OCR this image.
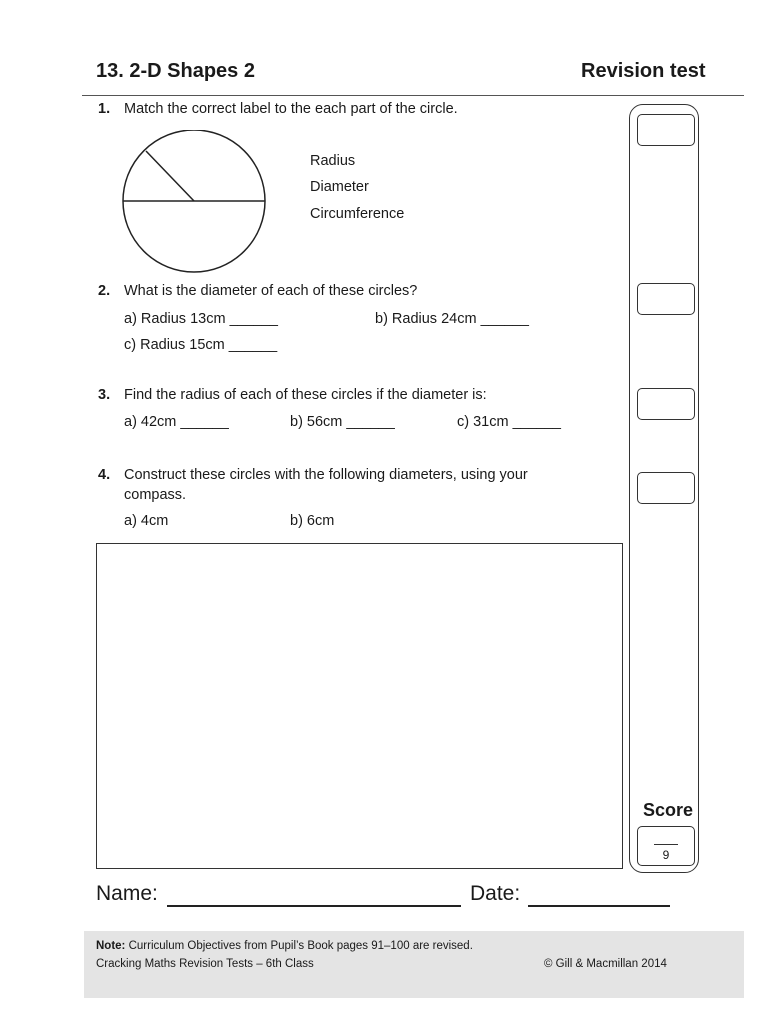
13. 2-D Shapes 2	Revision test
Score
9
1. Match the correct label to the each part of the circle.
Radius
Diameter
Circumference
2. What is the diameter of each of these circles?
a) Radius 13cm ______	b) Radius 24cm ______
c) Radius 15cm ______
3. Find the radius of each of these circles if the diameter is:
a) 42cm ______	b) 56cm ______	c) 31cm ______
4. Construct these circles with the following diameters, using your
compass.
a) 4cm	b) 6cm
Name:	Date:
Note: Curriculum Objectives from Pupil’s Book pages 91–100 are revised.
Cracking Maths Revision Tests – 6th Class	© Gill & Macmillan 2014
